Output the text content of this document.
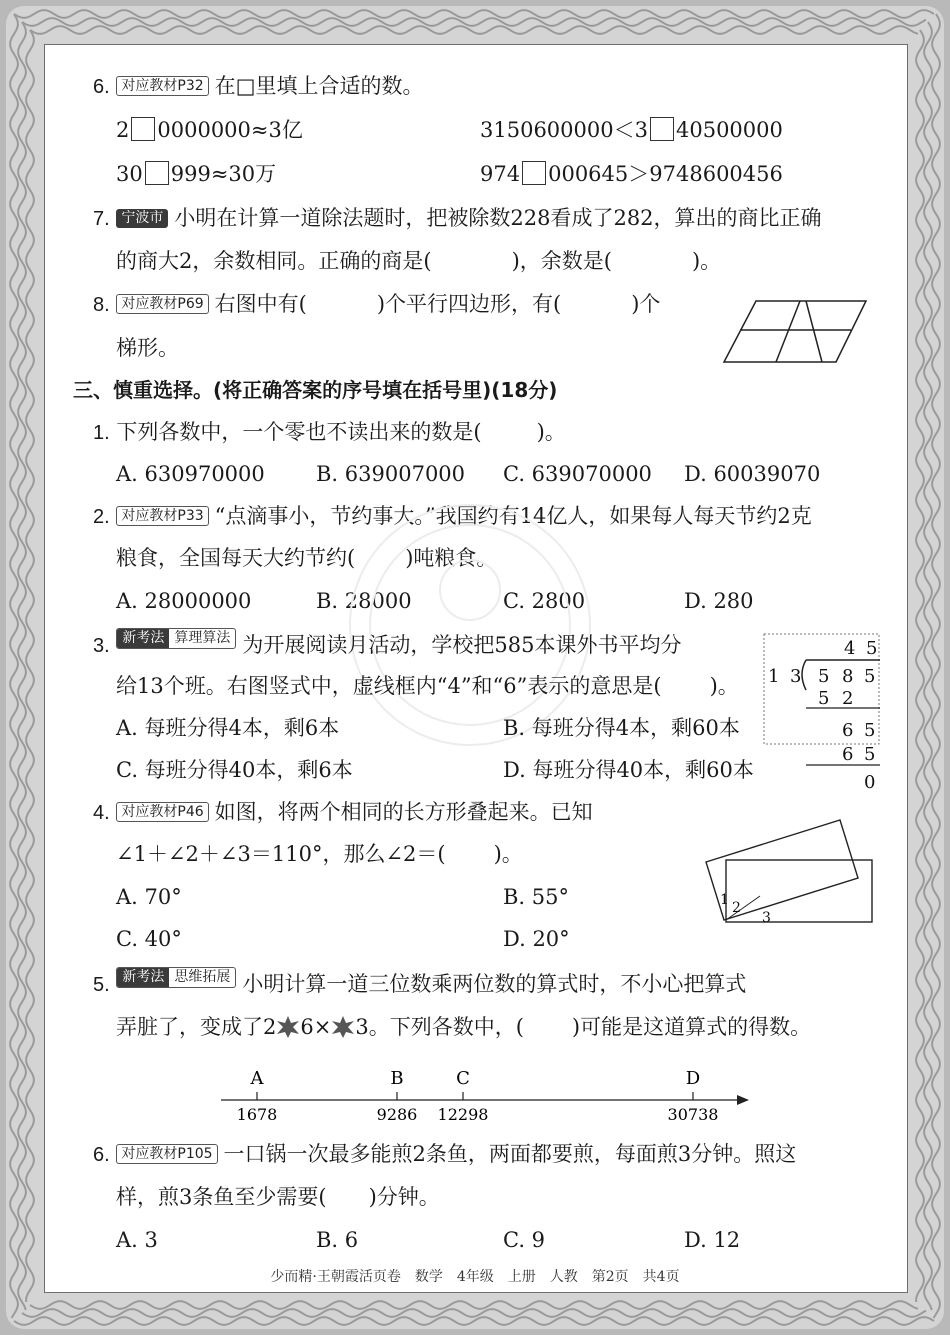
6. 对应教材P32 在□里填上合适的数。
2 0000000≈3亿	3150600000＜3 40500000
30 999≈30万	974 000645＞9748600456
7. 宁波市 小明在计算一道除法题时，把被除数228看成了282，算出的商比正确
的商大2，余数相同。正确的商是(	)，余数是(	)。
8. 对应教材P69 右图中有(	)个平行四边形，有(	)个
梯形。
三、慎重选择。(将正确答案的序号填在括号里)(18分)
1. 下列各数中，一个零也不读出来的数是(	)。
A. 630970000 B. 639007000 C. 639070000 D. 60039070
2. 对应教材P33 “点滴事小，节约事大。”我国约有14亿人，如果每人每天节约2克
粮食，全国每天大约节约( )吨粮食。
A. 28000000	B. 28000	C. 2800	D. 280
3. 新考法 算理算法 为开展阅读月活动，学校把585本课外书平均分
给13个班。右图竖式中，虚线框内“4”和“6”表示的意思是( )。
A. 每班分得4本，剩6本	B. 每班分得4本，剩60本
C. 每班分得40本，剩6本	D. 每班分得40本，剩60本
4 5
1 3 5 8 5
5 2
6 5
6 5
0
4. 对应教材P46 如图，将两个相同的长方形叠起来。已知
∠1＋∠2＋∠3＝110°，那么∠2＝( )。
A. 70°	B. 55°
C. 40°	D. 20°
1 2
3
5. 新考法 思维拓展 小明计算一道三位数乘两位数的算式时，不小心把算式
弄脏了，变成了2 6× 3。下列各数中，( )可能是这道算式的得数。
A
1678
B
9286
C
12298
D
30738
6. 对应教材P105 一口锅一次最多能煎2条鱼，两面都要煎，每面煎3分钟。照这
样，煎3条鱼至少需要( )分钟。
A. 3	B. 6	C. 9	D. 12
少而精·王朝霞活页卷　数学　4年级　上册　人教　第2页　共4页
